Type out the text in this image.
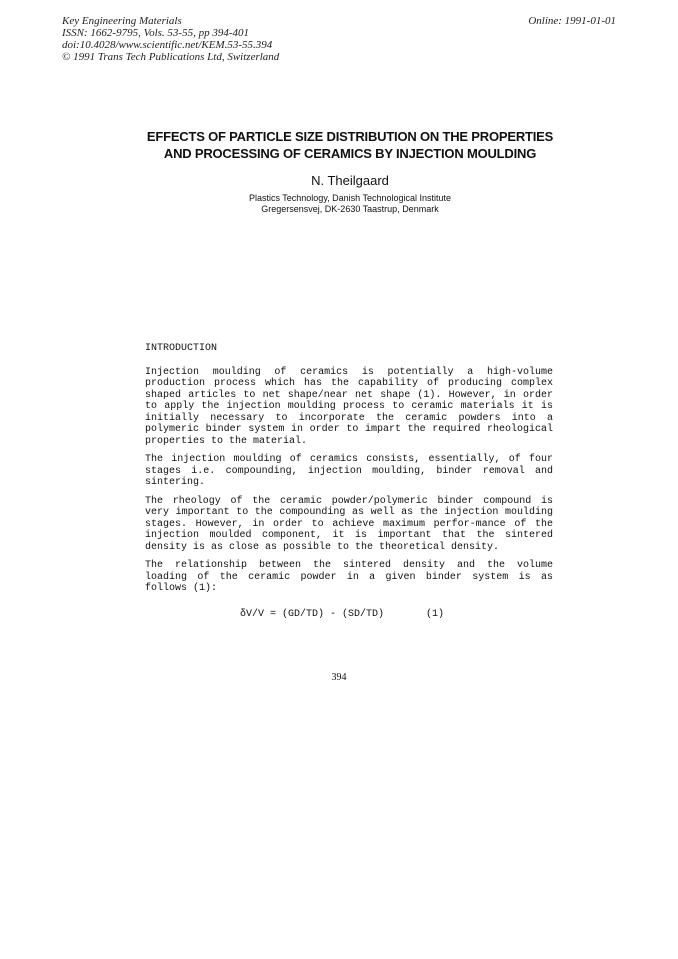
Key Engineering Materials
ISSN: 1662-9795, Vols. 53-55, pp 394-401
doi:10.4028/www.scientific.net/KEM.53-55.394
© 1991 Trans Tech Publications Ltd, Switzerland
Online: 1991-01-01
EFFECTS OF PARTICLE SIZE DISTRIBUTION ON THE PROPERTIES
AND PROCESSING OF CERAMICS BY INJECTION MOULDING
N. Theilgaard
Plastics Technology, Danish Technological Institute
Gregersensvej, DK-2630 Taastrup, Denmark
INTRODUCTION

Injection moulding of ceramics is potentially a high-volume production process which has the capability of producing complex shaped articles to net shape/near net shape (1). However, in order to apply the injection moulding process to ceramic materials it is initially necessary to incorporate the ceramic powders into a polymeric binder system in order to impart the required rheological properties to the material.

The injection moulding of ceramics consists, essentially, of four stages i.e. compounding, injection moulding, binder removal and sintering.

The rheology of the ceramic powder/polymeric binder compound is very important to the compounding as well as the injection moulding stages. However, in order to achieve maximum perfor-mance of the injection moulded component, it is important that the sintered density is as close as possible to the theoretical density.

The relationship between the sintered density and the volume loading of the ceramic powder in a given binder system is as follows (1):

δV/V = (GD/TD) - (SD/TD)	(1)
394
